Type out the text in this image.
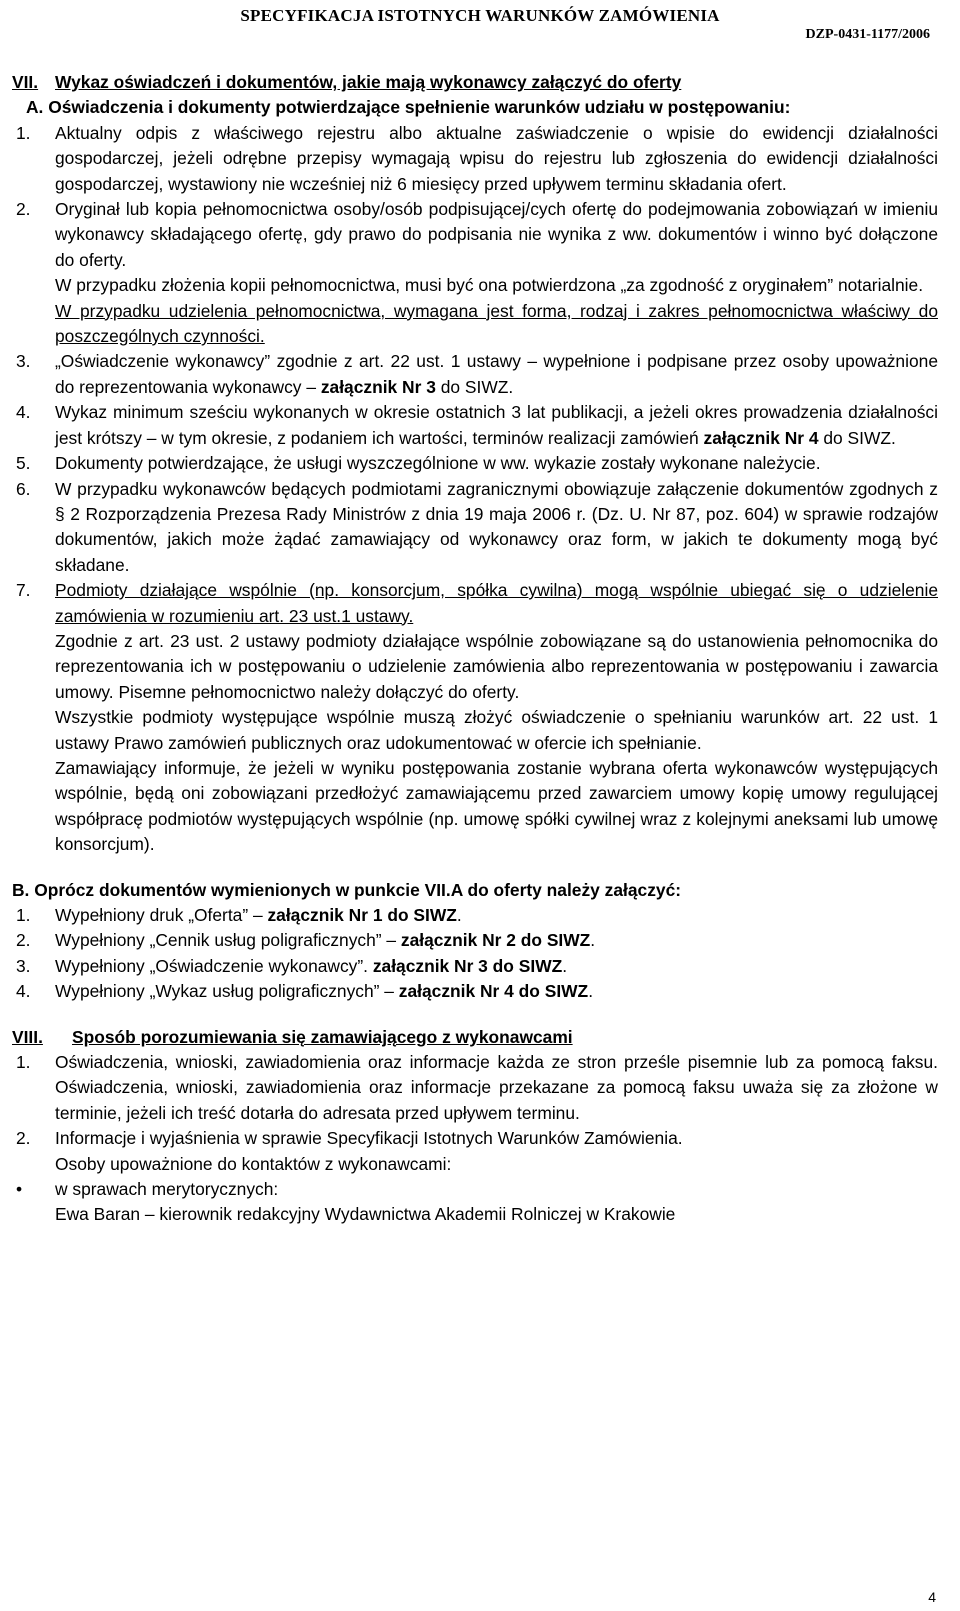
SPECYFIKACJA ISTOTNYCH WARUNKÓW ZAMÓWIENIA
DZP-0431-1177/2006
VII. Wykaz oświadczeń i dokumentów, jakie mają wykonawcy załączyć do oferty
A. Oświadczenia i dokumenty potwierdzające spełnienie warunków udziału w postępowaniu:
1. Aktualny odpis z właściwego rejestru albo aktualne zaświadczenie o wpisie do ewidencji działalności gospodarczej, jeżeli odrębne przepisy wymagają wpisu do rejestru lub zgłoszenia do ewidencji działalności gospodarczej, wystawiony nie wcześniej niż 6 miesięcy przed upływem terminu składania ofert.
2. Oryginał lub kopia pełnomocnictwa osoby/osób podpisującej/cych ofertę do podejmowania zobowiązań w imieniu wykonawcy składającego ofertę, gdy prawo do podpisania nie wynika z ww. dokumentów i winno być dołączone do oferty.
W przypadku złożenia kopii pełnomocnictwa, musi być ona potwierdzona „za zgodność z oryginałem” notarialnie.
W przypadku udzielenia pełnomocnictwa, wymagana jest forma, rodzaj i zakres pełnomocnictwa właściwy do poszczególnych czynności.
3. „Oświadczenie wykonawcy” zgodnie z art. 22 ust. 1 ustawy – wypełnione i podpisane przez osoby upoważnione do reprezentowania wykonawcy – załącznik Nr 3 do SIWZ.
4. Wykaz minimum sześciu wykonanych w okresie ostatnich 3 lat publikacji, a jeżeli okres prowadzenia działalności jest krótszy – w tym okresie, z podaniem ich wartości, terminów realizacji zamówień załącznik Nr 4 do SIWZ.
5. Dokumenty potwierdzające, że usługi wyszczególnione w ww. wykazie zostały wykonane należycie.
6. W przypadku wykonawców będących podmiotami zagranicznymi obowiązuje załączenie dokumentów zgodnych z § 2 Rozporządzenia Prezesa Rady Ministrów z dnia 19 maja 2006 r. (Dz. U. Nr 87, poz. 604) w sprawie rodzajów dokumentów, jakich może żądać zamawiający od wykonawcy oraz form, w jakich te dokumenty mogą być składane.
7. Podmioty działające wspólnie (np. konsorcjum, spółka cywilna) mogą wspólnie ubiegać się o udzielenie zamówienia w rozumieniu art. 23 ust.1 ustawy.
Zgodnie z art. 23 ust. 2 ustawy podmioty działające wspólnie zobowiązane są do ustanowienia pełnomocnika do reprezentowania ich w postępowaniu o udzielenie zamówienia albo reprezentowania w postępowaniu i zawarcia umowy. Pisemne pełnomocnictwo należy dołączyć do oferty.
Wszystkie podmioty występujące wspólnie muszą złożyć oświadczenie o spełnianiu warunków art. 22 ust. 1 ustawy Prawo zamówień publicznych oraz udokumentować w ofercie ich spełnianie.
Zamawiający informuje, że jeżeli w wyniku postępowania zostanie wybrana oferta wykonawców występujących wspólnie, będą oni zobowiązani przedłożyć zamawiającemu przed zawarciem umowy kopię umowy regulującej współpracę podmiotów występujących wspólnie (np. umowę spółki cywilnej wraz z kolejnymi aneksami lub umowę konsorcjum).
B. Oprócz dokumentów wymienionych w punkcie VII.A do oferty należy załączyć:
1. Wypełniony druk „Oferta” – załącznik Nr 1 do SIWZ.
2. Wypełniony „Cennik usług poligraficznych” – załącznik Nr 2 do SIWZ.
3. Wypełniony „Oświadczenie wykonawcy”. załącznik Nr 3 do SIWZ.
4. Wypełniony „Wykaz usług poligraficznych” – załącznik Nr 4 do SIWZ.
VIII. Sposób porozumiewania się zamawiającego z wykonawcami
1. Oświadczenia, wnioski, zawiadomienia oraz informacje każda ze stron prześle pisemnie lub za pomocą faksu. Oświadczenia, wnioski, zawiadomienia oraz informacje przekazane za pomocą faksu uważa się za złożone w terminie, jeżeli ich treść dotarła do adresata przed upływem terminu.
2. Informacje i wyjaśnienia w sprawie Specyfikacji Istotnych Warunków Zamówienia.
Osoby upoważnione do kontaktów z wykonawcami:
• w sprawach merytorycznych:
Ewa Baran – kierownik redakcyjny Wydawnictwa Akademii Rolniczej w Krakowie
4
